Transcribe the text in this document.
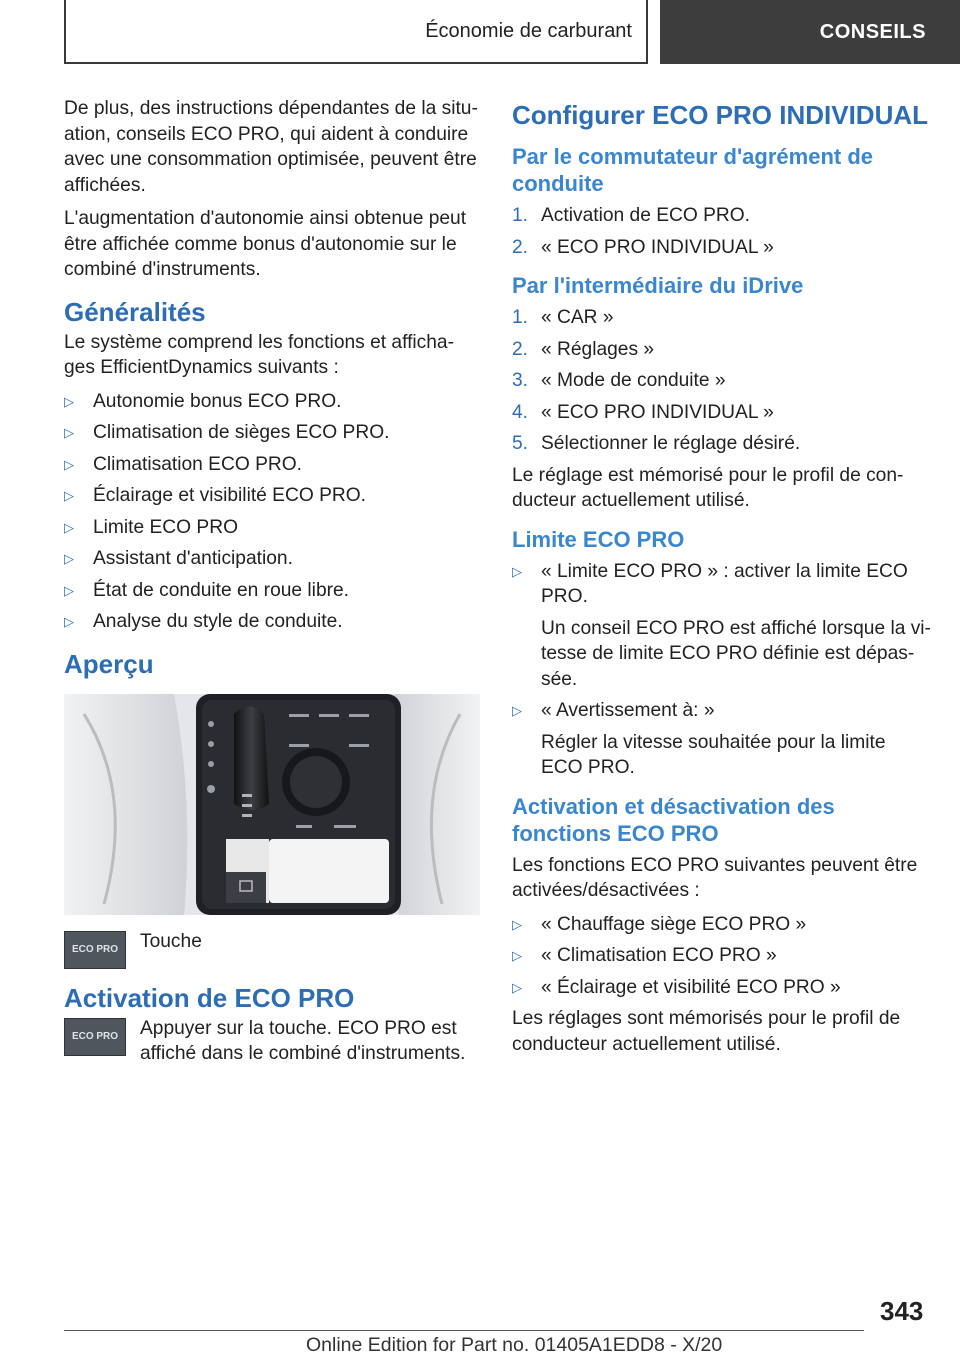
Économie de carburant	CONSEILS

De plus, des instructions dépendantes de la situ-ation, conseils ECO PRO, qui aident à conduire avec une consommation optimisée, peuvent être affichées.

L'augmentation d'autonomie ainsi obtenue peut être affichée comme bonus d'autonomie sur le combiné d'instruments.

Généralités

Le système comprend les fonctions et afficha-ges EfficientDynamics suivants :

▷ Autonomie bonus ECO PRO.
▷ Climatisation de sièges ECO PRO.
▷ Climatisation ECO PRO.
▷ Éclairage et visibilité ECO PRO.
▷ Limite ECO PRO
▷ Assistant d'anticipation.
▷ État de conduite en roue libre.
▷ Analyse du style de conduite.
Aperçu
ECO PRO	Touche

Activation de ECO PRO
ECO PRO	Appuyer sur la touche. ECO PRO est affiché dans le combiné d'instruments.

Configurer ECO PRO INDIVIDUAL
Par le commutateur d'agrément de conduite
1. Activation de ECO PRO.
2. « ECO PRO INDIVIDUAL »
Par l'intermédiaire du iDrive
1. « CAR »
2. « Réglages »
3. « Mode de conduite »
4. « ECO PRO INDIVIDUAL »
5. Sélectionner le réglage désiré.

Le réglage est mémorisé pour le profil de con-ducteur actuellement utilisé.

Limite ECO PRO
▷ « Limite ECO PRO » : activer la limite ECO PRO.
Un conseil ECO PRO est affiché lorsque la vi-tesse de limite ECO PRO définie est dépas-sée.
▷ « Avertissement à: »
Régler la vitesse souhaitée pour la limite ECO PRO.
Activation et désactivation des fonctions ECO PRO

Les fonctions ECO PRO suivantes peuvent être activées/désactivées :

▷ « Chauffage siège ECO PRO »
▷ « Climatisation ECO PRO »
▷ « Éclairage et visibilité ECO PRO »

Les réglages sont mémorisés pour le profil de conducteur actuellement utilisé.

343
Online Edition for Part no. 01405A1EDD8 - X/20
